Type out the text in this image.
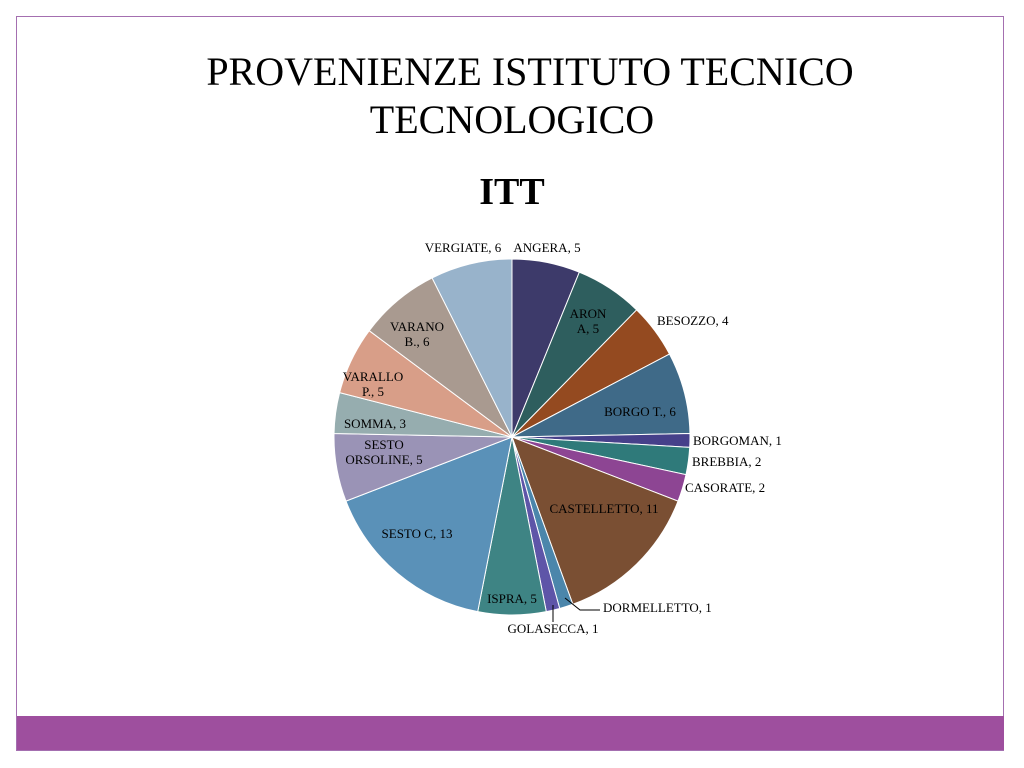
PROVENIENZE ISTITUTO TECNICO
TECNOLOGICO
ITT
ANGERA, 5
ARON A, 5
BESOZZO, 4
BORGO T., 6
BORGOMAN, 1
BREBBIA, 2
CASORATE, 2
CASTELLETTO, 11
DORMELLETTO, 1
GOLASECCA, 1
ISPRA, 5
SESTO C, 13
SESTO ORSOLINE, 5
SOMMA, 3
VARALLO P., 5
VARANO B., 6
VERGIATE, 6
